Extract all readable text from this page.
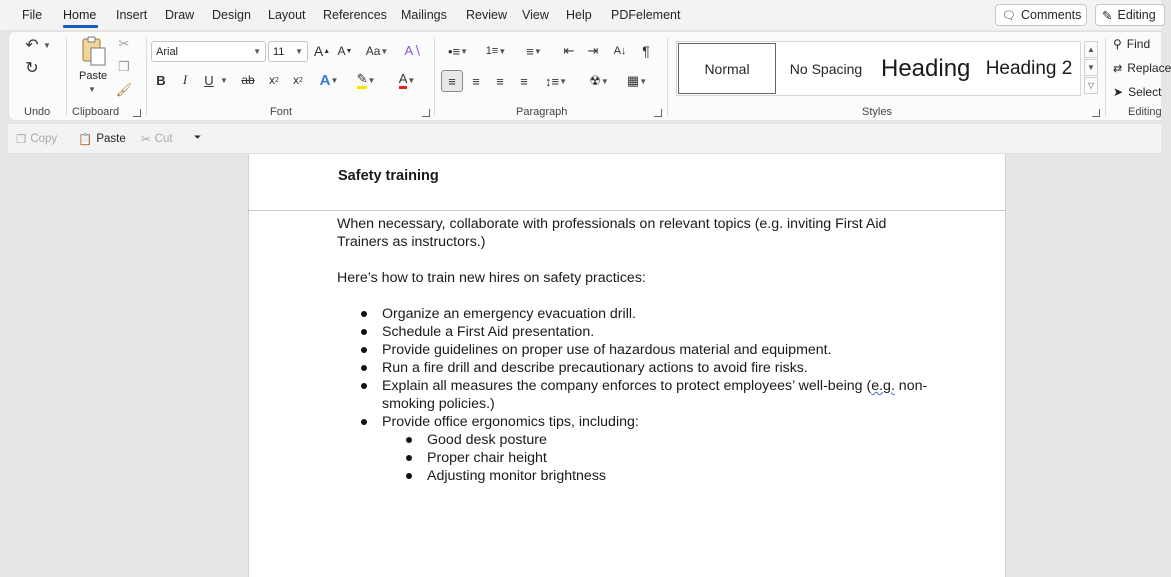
File Home Insert Draw Design Layout References Mailings Review View Help PDFelement	🗨 Comments ✎ Editing
↶ ▼
↻
Undo
Paste
▼
✂
❐
🖌
Clipboard
Arial	▼ 11 ▼ A ▲ A ▼	Aa ▼ A∖
B	I	U ▼ ab	x 2	x 2	A ▼ ✎ ▼ A ▼
Font
•≡ ▼	1≡ ▼	≡ ▼ ⇤ ⇥	A↓	¶
≡	≡	≡	≡	↕≡ ▼	☢ ▼	▦ ▼
Paragraph
Normal	No Spacing Heading Heading 2
▲
▼
▽
Styles
⚲ Find
⇄ Replace
➤ Select
Editing
❐ Copy 📋 Paste ✂ Cut ⏷
Safety training
When necessary, collaborate with professionals on relevant topics (e.g. inviting First Aid
Trainers as instructors.)
Here’s how to train new hires on safety practices:
Organize an emergency evacuation drill.
Schedule a First Aid presentation.
Provide guidelines on proper use of hazardous material and equipment.
Run a fire drill and describe precautionary actions to avoid fire risks.
Explain all measures the company enforces to protect employees’ well-being (e.g. non-
smoking policies.)
Provide office ergonomics tips, including:
Good desk posture
Proper chair height
Adjusting monitor brightness
